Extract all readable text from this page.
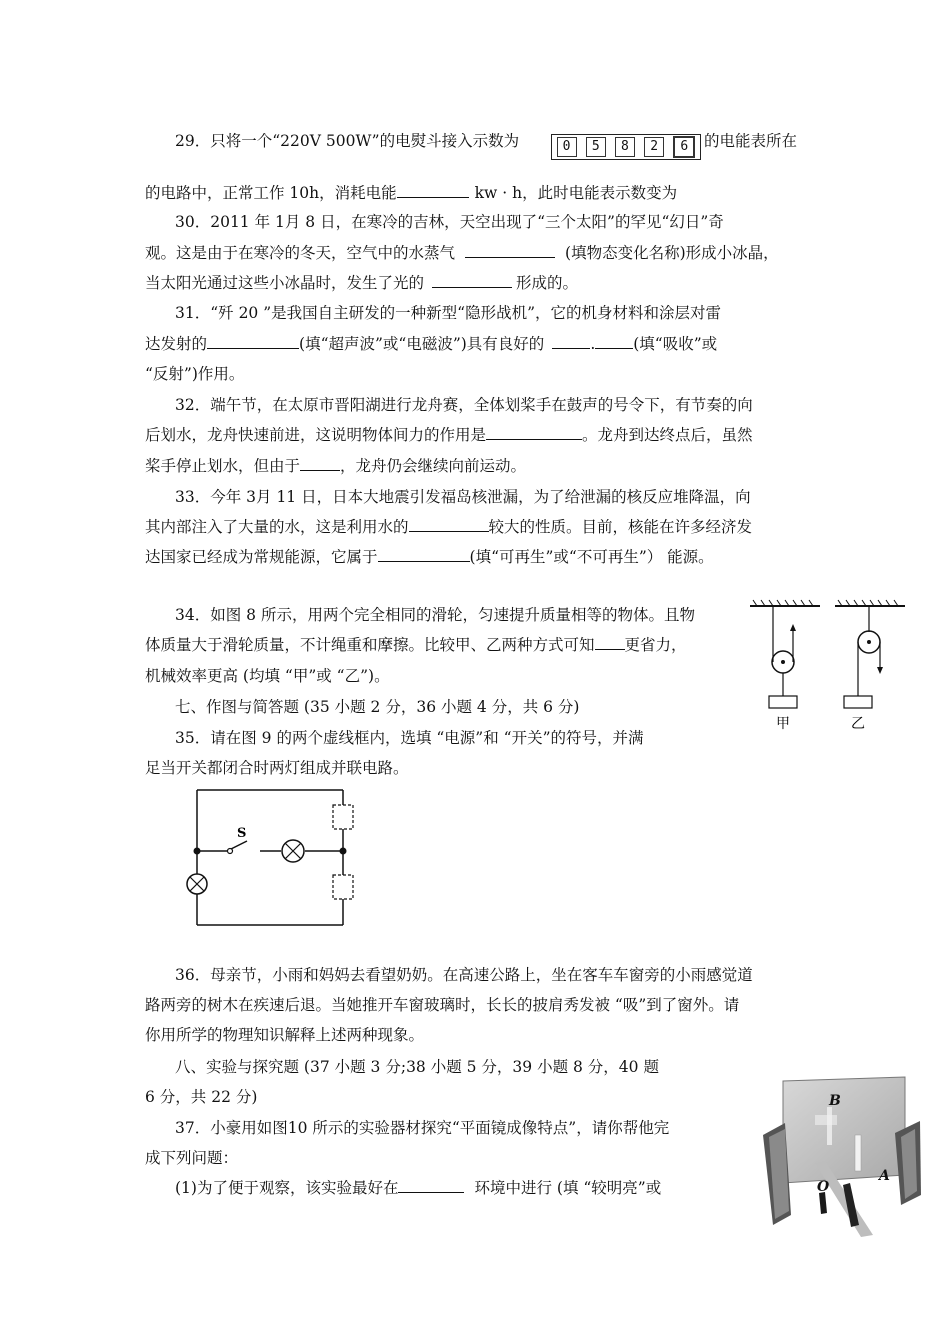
29．只将一个“220V 500W”的电熨斗接入示数为	0	5	8	2	6	的电能表所在
的电路中，正常工作 10h，消耗电能	kw · h，此时电能表示数变为
30．2011 年 1月 8 日，在寒冷的吉林，天空出现了“三个太阳”的罕见“幻日”奇
观。这是由于在寒冷的冬天，空气中的水蒸气	(填物态变化名称)形成小冰晶，
当太阳光通过这些小冰晶时，发生了光的	形成的。
31．“歼 20 ”是我国自主研发的一种新型“隐形战机”，它的机身材料和涂层对雷
达发射的	(填“超声波”或“电磁波”)具有良好的	. (填“吸收”或
“反射”)作用。
32．端午节，在太原市晋阳湖进行龙舟赛，全体划桨手在鼓声的号令下，有节奏的向
后划水，龙舟快速前进，这说明物体间力的作用是	。龙舟到达终点后，虽然
桨手停止划水，但由于	，龙舟仍会继续向前运动。
33．今年 3月 11 日，日本大地震引发福岛核泄漏，为了给泄漏的核反应堆降温，向
其内部注入了大量的水，这是利用水的	较大的性质。目前，核能在许多经济发
达国家已经成为常规能源，它属于	(填“可再生”或“不可再生”） 能源。
34．如图 8 所示，用两个完全相同的滑轮，匀速提升质量相等的物体。且物
体质量大于滑轮质量，不计绳重和摩擦。比较甲、乙两种方式可知 更省力，
机械效率更高 (均填 “甲”或 “乙”)。
甲	乙
七、作图与简答题 (35 小题 2 分，36 小题 4 分，共 6 分)
35．请在图 9 的两个虚线框内，选填 “电源”和 “开关”的符号，并满
足当开关都闭合时两灯组成并联电路。
S
36．母亲节，小雨和妈妈去看望奶奶。在高速公路上，坐在客车车窗旁的小雨感觉道
路两旁的树木在疾速后退。当她推开车窗玻璃时，长长的披肩秀发被 “吸”到了窗外。请
你用所学的物理知识解释上述两种现象。
八、实验与探究题 (37 小题 3 分;38 小题 5 分，39 小题 8 分，40 题
6 分，共 22 分)
37．小豪用如图10 所示的实验器材探究“平面镜成像特点”，请你帮他完
成下列问题：
(1)为了便于观察，该实验最好在	环境中进行 (填 “较明亮”或
B
O
A
